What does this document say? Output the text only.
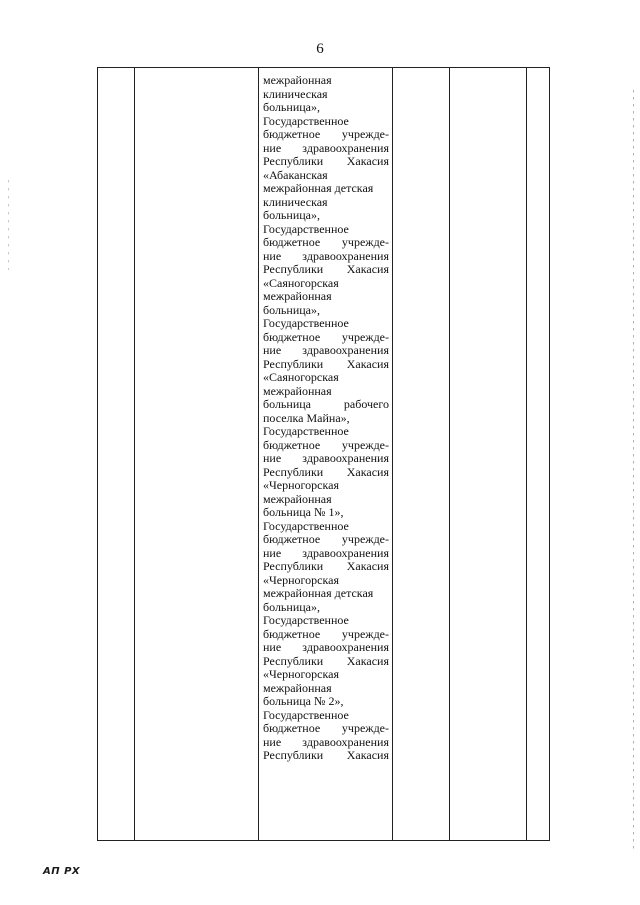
6

межрайонная
клиническая
больница»,
Государственное
бюджетное учрежде-
ние здравоохранения
Республики Хакасия
«Абаканская
межрайонная детская
клиническая
больница»,
Государственное
бюджетное учрежде-
ние здравоохранения
Республики Хакасия
«Саяногорская
межрайонная
больница»,
Государственное
бюджетное учрежде-
ние здравоохранения
Республики Хакасия
«Саяногорская
межрайонная
больница рабочего
поселка Майна»,
Государственное
бюджетное учрежде-
ние здравоохранения
Республики Хакасия
«Черногорская
межрайонная
больница № 1»,
Государственное
бюджетное учрежде-
ние здравоохранения
Республики Хакасия
«Черногорская
межрайонная детская
больница»,
Государственное
бюджетное учрежде-
ние здравоохранения
Республики Хакасия
«Черногорская
межрайонная
больница № 2»,
Государственное
бюджетное учрежде-
ние здравоохранения
Республики Хакасия

АП РХ
